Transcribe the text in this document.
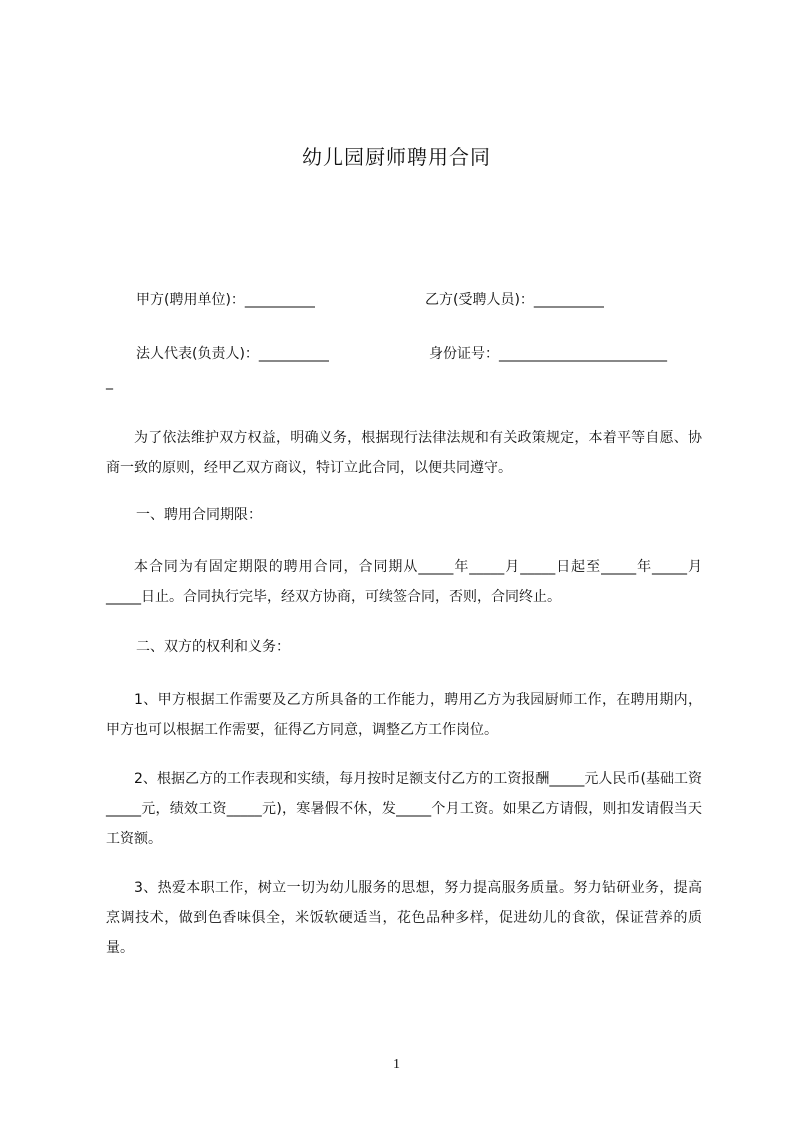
幼儿园厨师聘用合同
甲方(聘用单位)：__________	乙方(受聘人员)：__________
法人代表(负责人)：__________	身份证号：________________________
_
为了依法维护双方权益，明确义务，根据现行法律法规和有关政策规定，本着平等自愿、协商一致的原则，经甲乙双方商议，特订立此合同，以便共同遵守。
一、聘用合同期限：
本合同为有固定期限的聘用合同，合同期从_____年_____月_____日起至_____年_____月_____日止。合同执行完毕，经双方协商，可续签合同，否则，合同终止。
二、双方的权利和义务：
1、甲方根据工作需要及乙方所具备的工作能力，聘用乙方为我园厨师工作，在聘用期内，甲方也可以根据工作需要，征得乙方同意，调整乙方工作岗位。
2、根据乙方的工作表现和实绩，每月按时足额支付乙方的工资报酬_____元人民币(基础工资_____元，绩效工资_____元)，寒暑假不休，发_____个月工资。如果乙方请假，则扣发请假当天工资额。
3、热爱本职工作，树立一切为幼儿服务的思想，努力提高服务质量。努力钻研业务，提高烹调技术，做到色香味俱全，米饭软硬适当，花色品种多样，促进幼儿的食欲，保证营养的质量。
1
